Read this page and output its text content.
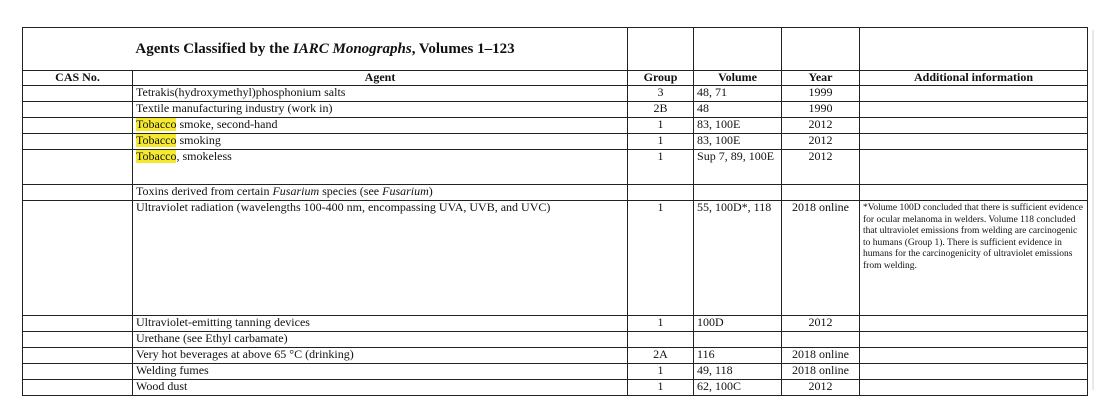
Agents Classified by the IARC Monographs, Volumes 1–123					
CAS No.	Agent	Group	Volume	Year	Additional information
	Tetrakis(hydroxymethyl)phosphonium salts	3	48, 71	1999	
	Textile manufacturing industry (work in)	2B	48	1990	
	Tobacco smoke, second-hand	1	83, 100E	2012	
	Tobacco smoking	1	83, 100E	2012	
	Tobacco, smokeless	1	Sup 7, 89, 100E	2012	
	Toxins derived from certain Fusarium species (see Fusarium)				
	Ultraviolet radiation (wavelengths 100-400 nm, encompassing UVA, UVB, and UVC)	1	55, 100D*, 118	2018 online	*Volume 100D concluded that there is sufficient evidence for ocular melanoma in welders. Volume 118 concluded that ultraviolet emissions from welding are carcinogenic to humans (Group 1). There is sufficient evidence in humans for the carcinogenicity of ultraviolet emissions from welding.
	Ultraviolet-emitting tanning devices	1	100D	2012	
	Urethane (see Ethyl carbamate)				
	Very hot beverages at above 65 °C (drinking)	2A	116	2018 online	
	Welding fumes	1	49, 118	2018 online	
	Wood dust	1	62, 100C	2012	
